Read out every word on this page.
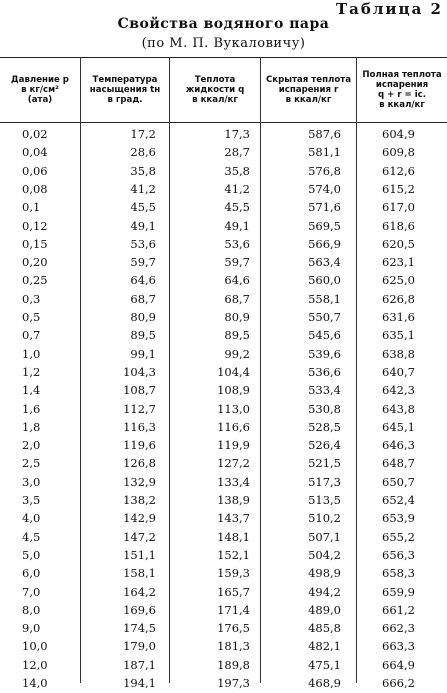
Таблица 2
Свойства водяного пара
(по М. П. Вукаловичу)
Давление p
в кг/см²
(ата)
Температура
насыщения tн
в град.
Теплота
жидкости q
в ккал/кг
Скрытая теплота
испарения r
в ккал/кг
Полная теплота
испарения
q + r = iс.
в ккал/кг
0,02	17,2	17,3	587,6	604,9
0,04	28,6	28,7	581,1	609,8
0,06	35,8	35,8	576,8	612,6
0,08	41,2	41,2	574,0	615,2
0,1	45,5	45,5	571,6	617,0
0,12	49,1	49,1	569,5	618,6
0,15	53,6	53,6	566,9	620,5
0,20	59,7	59,7	563,4	623,1
0,25	64,6	64,6	560,0	625,0
0,3	68,7	68,7	558,1	626,8
0,5	80,9	80,9	550,7	631,6
0,7	89,5	89,5	545,6	635,1
1,0	99,1	99,2	539,6	638,8
1,2	104,3	104,4	536,6	640,7
1,4	108,7	108,9	533,4	642,3
1,6	112,7	113,0	530,8	643,8
1,8	116,3	116,6	528,5	645,1
2,0	119,6	119,9	526,4	646,3
2,5	126,8	127,2	521,5	648,7
3,0	132,9	133,4	517,3	650,7
3,5	138,2	138,9	513,5	652,4
4,0	142,9	143,7	510,2	653,9
4,5	147,2	148,1	507,1	655,2
5,0	151,1	152,1	504,2	656,3
6,0	158,1	159,3	498,9	658,3
7,0	164,2	165,7	494,2	659,9
8,0	169,6	171,4	489,0	661,2
9,0	174,5	176,5	485,8	662,3
10,0	179,0	181,3	482,1	663,3
12,0	187,1	189,8	475,1	664,9
14,0	194,1	197,3	468,9	666,2
